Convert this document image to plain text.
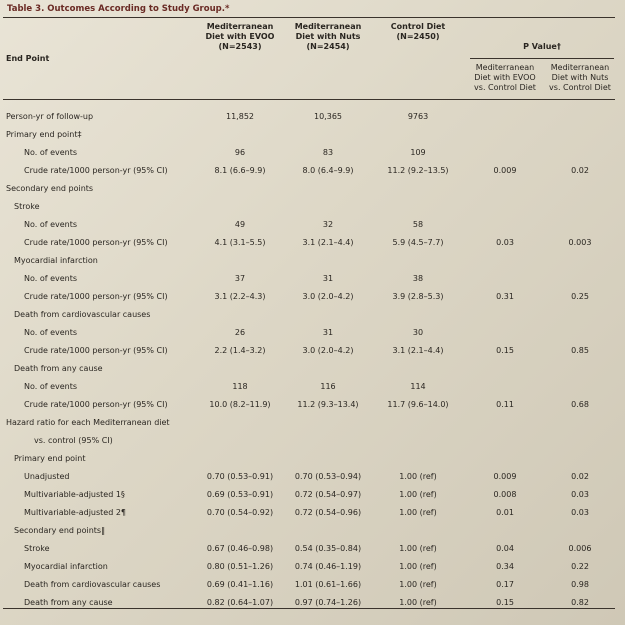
Table 3. Outcomes According to Study Group.*
End Point
Mediterranean
Diet with EVOO
(N=2543)
Mediterranean
Diet with Nuts
(N=2454)
Control Diet
(N=2450)
P Value†
Mediterranean
Diet with EVOO
vs. Control Diet
Mediterranean
Diet with Nuts
vs. Control Diet
Person-yr of follow-up	11,852	10,365	9763
Primary end point‡
No. of events	96	83	109
Crude rate/1000 person-yr (95% CI)	8.1 (6.6–9.9)	8.0 (6.4–9.9)	11.2 (9.2–13.5)	0.009	0.02
Secondary end points
Stroke
No. of events	49	32	58
Crude rate/1000 person-yr (95% CI)	4.1 (3.1–5.5)	3.1 (2.1–4.4)	5.9 (4.5–7.7)	0.03	0.003
Myocardial infarction
No. of events	37	31	38
Crude rate/1000 person-yr (95% CI)	3.1 (2.2–4.3)	3.0 (2.0–4.2)	3.9 (2.8–5.3)	0.31	0.25
Death from cardiovascular causes
No. of events	26	31	30
Crude rate/1000 person-yr (95% CI)	2.2 (1.4–3.2)	3.0 (2.0–4.2)	3.1 (2.1–4.4)	0.15	0.85
Death from any cause
No. of events	118	116	114
Crude rate/1000 person-yr (95% CI)	10.0 (8.2–11.9)	11.2 (9.3–13.4)	11.7 (9.6–14.0)	0.11	0.68
Hazard ratio for each Mediterranean diet
vs. control (95% CI)
Primary end point
Unadjusted	0.70 (0.53–0.91)	0.70 (0.53–0.94)	1.00 (ref)	0.009	0.02
Multivariable-adjusted 1§	0.69 (0.53–0.91)	0.72 (0.54–0.97)	1.00 (ref)	0.008	0.03
Multivariable-adjusted 2¶	0.70 (0.54–0.92)	0.72 (0.54–0.96)	1.00 (ref)	0.01	0.03
Secondary end points‖
Stroke	0.67 (0.46–0.98)	0.54 (0.35–0.84)	1.00 (ref)	0.04	0.006
Myocardial infarction	0.80 (0.51–1.26)	0.74 (0.46–1.19)	1.00 (ref)	0.34	0.22
Death from cardiovascular causes	0.69 (0.41–1.16)	1.01 (0.61–1.66)	1.00 (ref)	0.17	0.98
Death from any cause	0.82 (0.64–1.07)	0.97 (0.74–1.26)	1.00 (ref)	0.15	0.82
